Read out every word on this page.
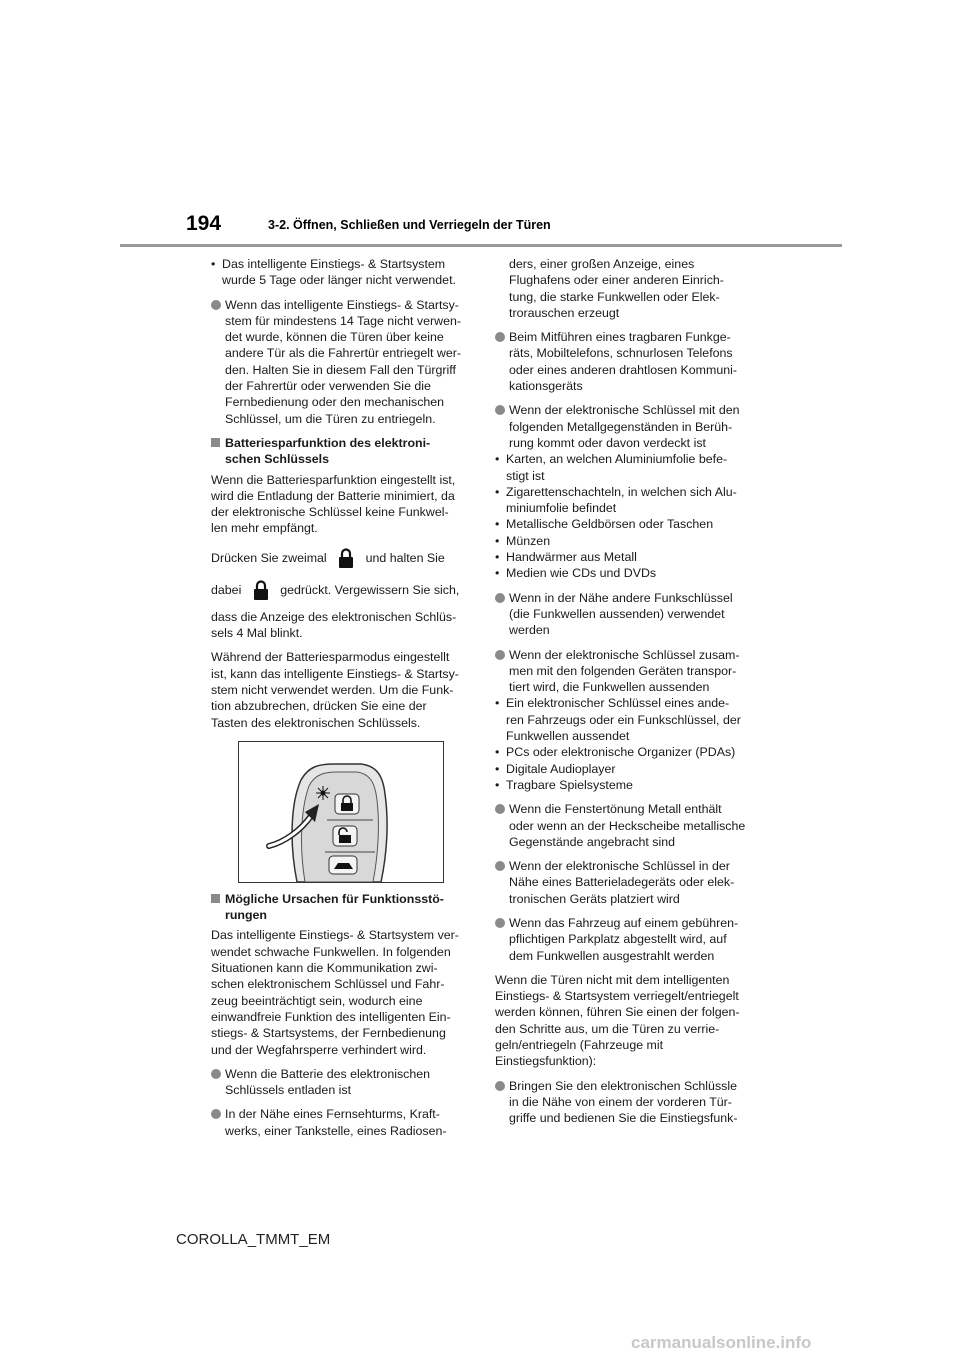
194	3-2. Öffnen, Schließen und Verriegeln der Türen
• Das intelligente Einstiegs- & Startsystem
wurde 5 Tage oder länger nicht verwendet.
Wenn das intelligente Einstiegs- & Startsy-
stem für mindestens 14 Tage nicht verwen-
det wurde, können die Türen über keine
andere Tür als die Fahrertür entriegelt wer-
den. Halten Sie in diesem Fall den Türgriff
der Fahrertür oder verwenden Sie die
Fernbedienung oder den mechanischen
Schlüssel, um die Türen zu entriegeln.
Batteriesparfunktion des elektroni-
schen Schlüssels
Wenn die Batteriesparfunktion eingestellt ist,
wird die Entladung der Batterie minimiert, da
der elektronische Schlüssel keine Funkwel-
len mehr empfängt.
Drücken Sie zweimal	und halten Sie
dabei	gedrückt. Vergewissern Sie sich,
dass die Anzeige des elektronischen Schlüs-
sels 4 Mal blinkt.
Während der Batteriesparmodus eingestellt
ist, kann das intelligente Einstiegs- & Startsy-
stem nicht verwendet werden. Um die Funk-
tion abzubrechen, drücken Sie eine der
Tasten des elektronischen Schlüssels.
Mögliche Ursachen für Funktionsstö-
rungen
Das intelligente Einstiegs- & Startsystem ver-
wendet schwache Funkwellen. In folgenden
Situationen kann die Kommunikation zwi-
schen elektronischem Schlüssel und Fahr-
zeug beeinträchtigt sein, wodurch eine
einwandfreie Funktion des intelligenten Ein-
stiegs- & Startsystems, der Fernbedienung
und der Wegfahrsperre verhindert wird.
Wenn die Batterie des elektronischen
Schlüssels entladen ist
In der Nähe eines Fernsehturms, Kraft-
werks, einer Tankstelle, eines Radiosen-
ders, einer großen Anzeige, eines
Flughafens oder einer anderen Einrich-
tung, die starke Funkwellen oder Elek-
trorauschen erzeugt
Beim Mitführen eines tragbaren Funkge-
räts, Mobiltelefons, schnurlosen Telefons
oder eines anderen drahtlosen Kommuni-
kationsgeräts
Wenn der elektronische Schlüssel mit den
folgenden Metallgegenständen in Berüh-
rung kommt oder davon verdeckt ist
• Karten, an welchen Aluminiumfolie befe-
stigt ist
• Zigarettenschachteln, in welchen sich Alu-
miniumfolie befindet
• Metallische Geldbörsen oder Taschen
• Münzen
• Handwärmer aus Metall
• Medien wie CDs und DVDs
Wenn in der Nähe andere Funkschlüssel
(die Funkwellen aussenden) verwendet
werden
Wenn der elektronische Schlüssel zusam-
men mit den folgenden Geräten transpor-
tiert wird, die Funkwellen aussenden
• Ein elektronischer Schlüssel eines ande-
ren Fahrzeugs oder ein Funkschlüssel, der
Funkwellen aussendet
• PCs oder elektronische Organizer (PDAs)
• Digitale Audioplayer
• Tragbare Spielsysteme
Wenn die Fenstertönung Metall enthält
oder wenn an der Heckscheibe metallische
Gegenstände angebracht sind
Wenn der elektronische Schlüssel in der
Nähe eines Batterieladegeräts oder elek-
tronischen Geräts platziert wird
Wenn das Fahrzeug auf einem gebühren-
pflichtigen Parkplatz abgestellt wird, auf
dem Funkwellen ausgestrahlt werden
Wenn die Türen nicht mit dem intelligenten
Einstiegs- & Startsystem verriegelt/entriegelt
werden können, führen Sie einen der folgen-
den Schritte aus, um die Türen zu verrie-
geln/entriegeln (Fahrzeuge mit
Einstiegsfunktion):
Bringen Sie den elektronischen Schlüssle
in die Nähe von einem der vorderen Tür-
griffe und bedienen Sie die Einstiegsfunk-
COROLLA_TMMT_EM
carmanualsonline.info
